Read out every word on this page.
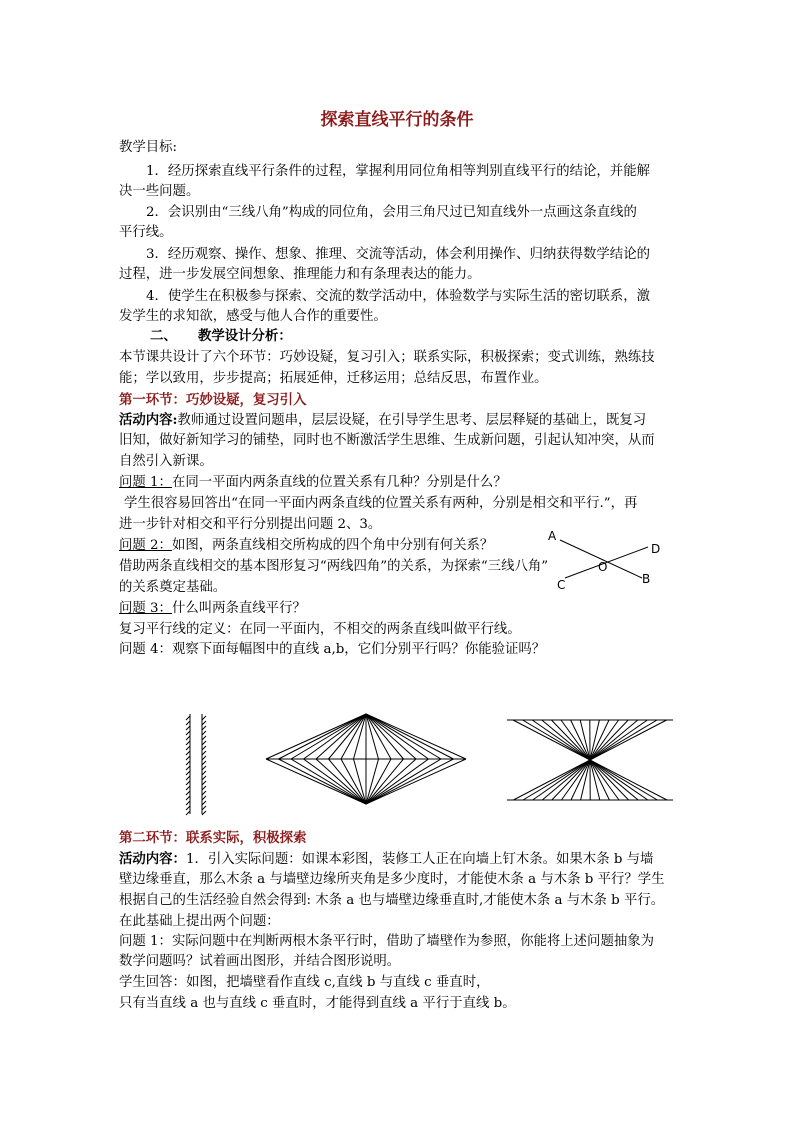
探索直线平行的条件
教学目标:
1．经历探索直线平行条件的过程，掌握利用同位角相等判别直线平行的结论，并能解
决一些问题。
2．会识别由“三线八角”构成的同位角，会用三角尺过已知直线外一点画这条直线的
平行线。
3．经历观察、操作、想象、推理、交流等活动，体会利用操作、归纳获得数学结论的
过程，进一步发展空间想象、推理能力和有条理表达的能力。
4．使学生在积极参与探索、交流的数学活动中，体验数学与实际生活的密切联系，激
发学生的求知欲，感受与他人合作的重要性。
二、 教学设计分析：
本节课共设计了六个环节：巧妙设疑，复习引入；联系实际，积极探索；变式训练，熟练技
能；学以致用，步步提高；拓展延伸，迁移运用；总结反思，布置作业。
第一环节：巧妙设疑，复习引入
活动内容:教师通过设置问题串，层层设疑，在引导学生思考、层层释疑的基础上，既复习
旧知，做好新知学习的铺垫，同时也不断激活学生思维、生成新问题，引起认知冲突，从而
自然引入新课。
问题 1：在同一平面内两条直线的位置关系有几种？分别是什么？
学生很容易回答出“在同一平面内两条直线的位置关系有两种，分别是相交和平行.”，再
进一步针对相交和平行分别提出问题 2、3。
问题 2：如图，两条直线相交所构成的四个角中分别有何关系？
借助两条直线相交的基本图形复习“两线四角”的关系，为探索“三线八角”
的关系奠定基础。
A
D
O
B
C
问题 3：什么叫两条直线平行？
复习平行线的定义：在同一平面内，不相交的两条直线叫做平行线。
问题 4：观察下面每幅图中的直线 a,b，它们分别平行吗？你能验证吗？
第二环节：联系实际，积极探索
活动内容：1．引入实际问题：如课本彩图，装修工人正在向墙上钉木条。如果木条 b 与墙
壁边缘垂直，那么木条 a 与墙壁边缘所夹角是多少度时，才能使木条 a 与木条 b 平行？学生
根据自己的生活经验自然会得到: 木条 a 也与墙壁边缘垂直时,才能使木条 a 与木条 b 平行。
在此基础上提出两个问题：
问题 1：实际问题中在判断两根木条平行时，借助了墙壁作为参照，你能将上述问题抽象为
数学问题吗？试着画出图形，并结合图形说明。
学生回答：如图，把墙壁看作直线 c,直线 b 与直线 c 垂直时，
只有当直线 a 也与直线 c 垂直时，才能得到直线 a 平行于直线 b。
